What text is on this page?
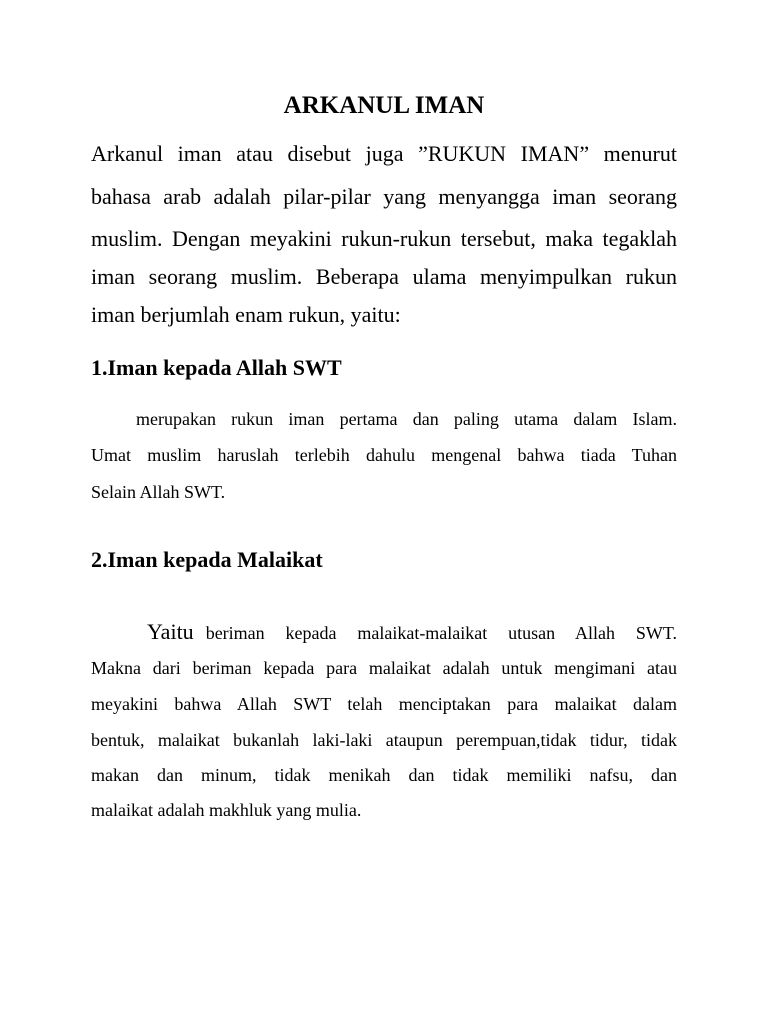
ARKANUL IMAN
Arkanul iman atau disebut juga ”RUKUN IMAN” menurut
bahasa arab adalah pilar-pilar yang menyangga iman seorang
muslim. Dengan meyakini rukun-rukun tersebut, maka tegaklah
iman seorang muslim. Beberapa ulama menyimpulkan rukun
iman berjumlah enam rukun, yaitu:
1.Iman kepada Allah SWT
merupakan rukun iman pertama dan paling utama dalam Islam.
Umat muslim haruslah terlebih dahulu mengenal bahwa tiada Tuhan
Selain Allah SWT.
2.Iman kepada Malaikat
Yaitu beriman kepada malaikat-malaikat utusan Allah SWT.
Makna dari beriman kepada para malaikat adalah untuk mengimani atau
meyakini bahwa Allah SWT telah menciptakan para malaikat dalam
bentuk, malaikat bukanlah laki-laki ataupun perempuan,tidak tidur, tidak
makan dan minum, tidak menikah dan tidak memiliki nafsu, dan
malaikat adalah makhluk yang mulia.
